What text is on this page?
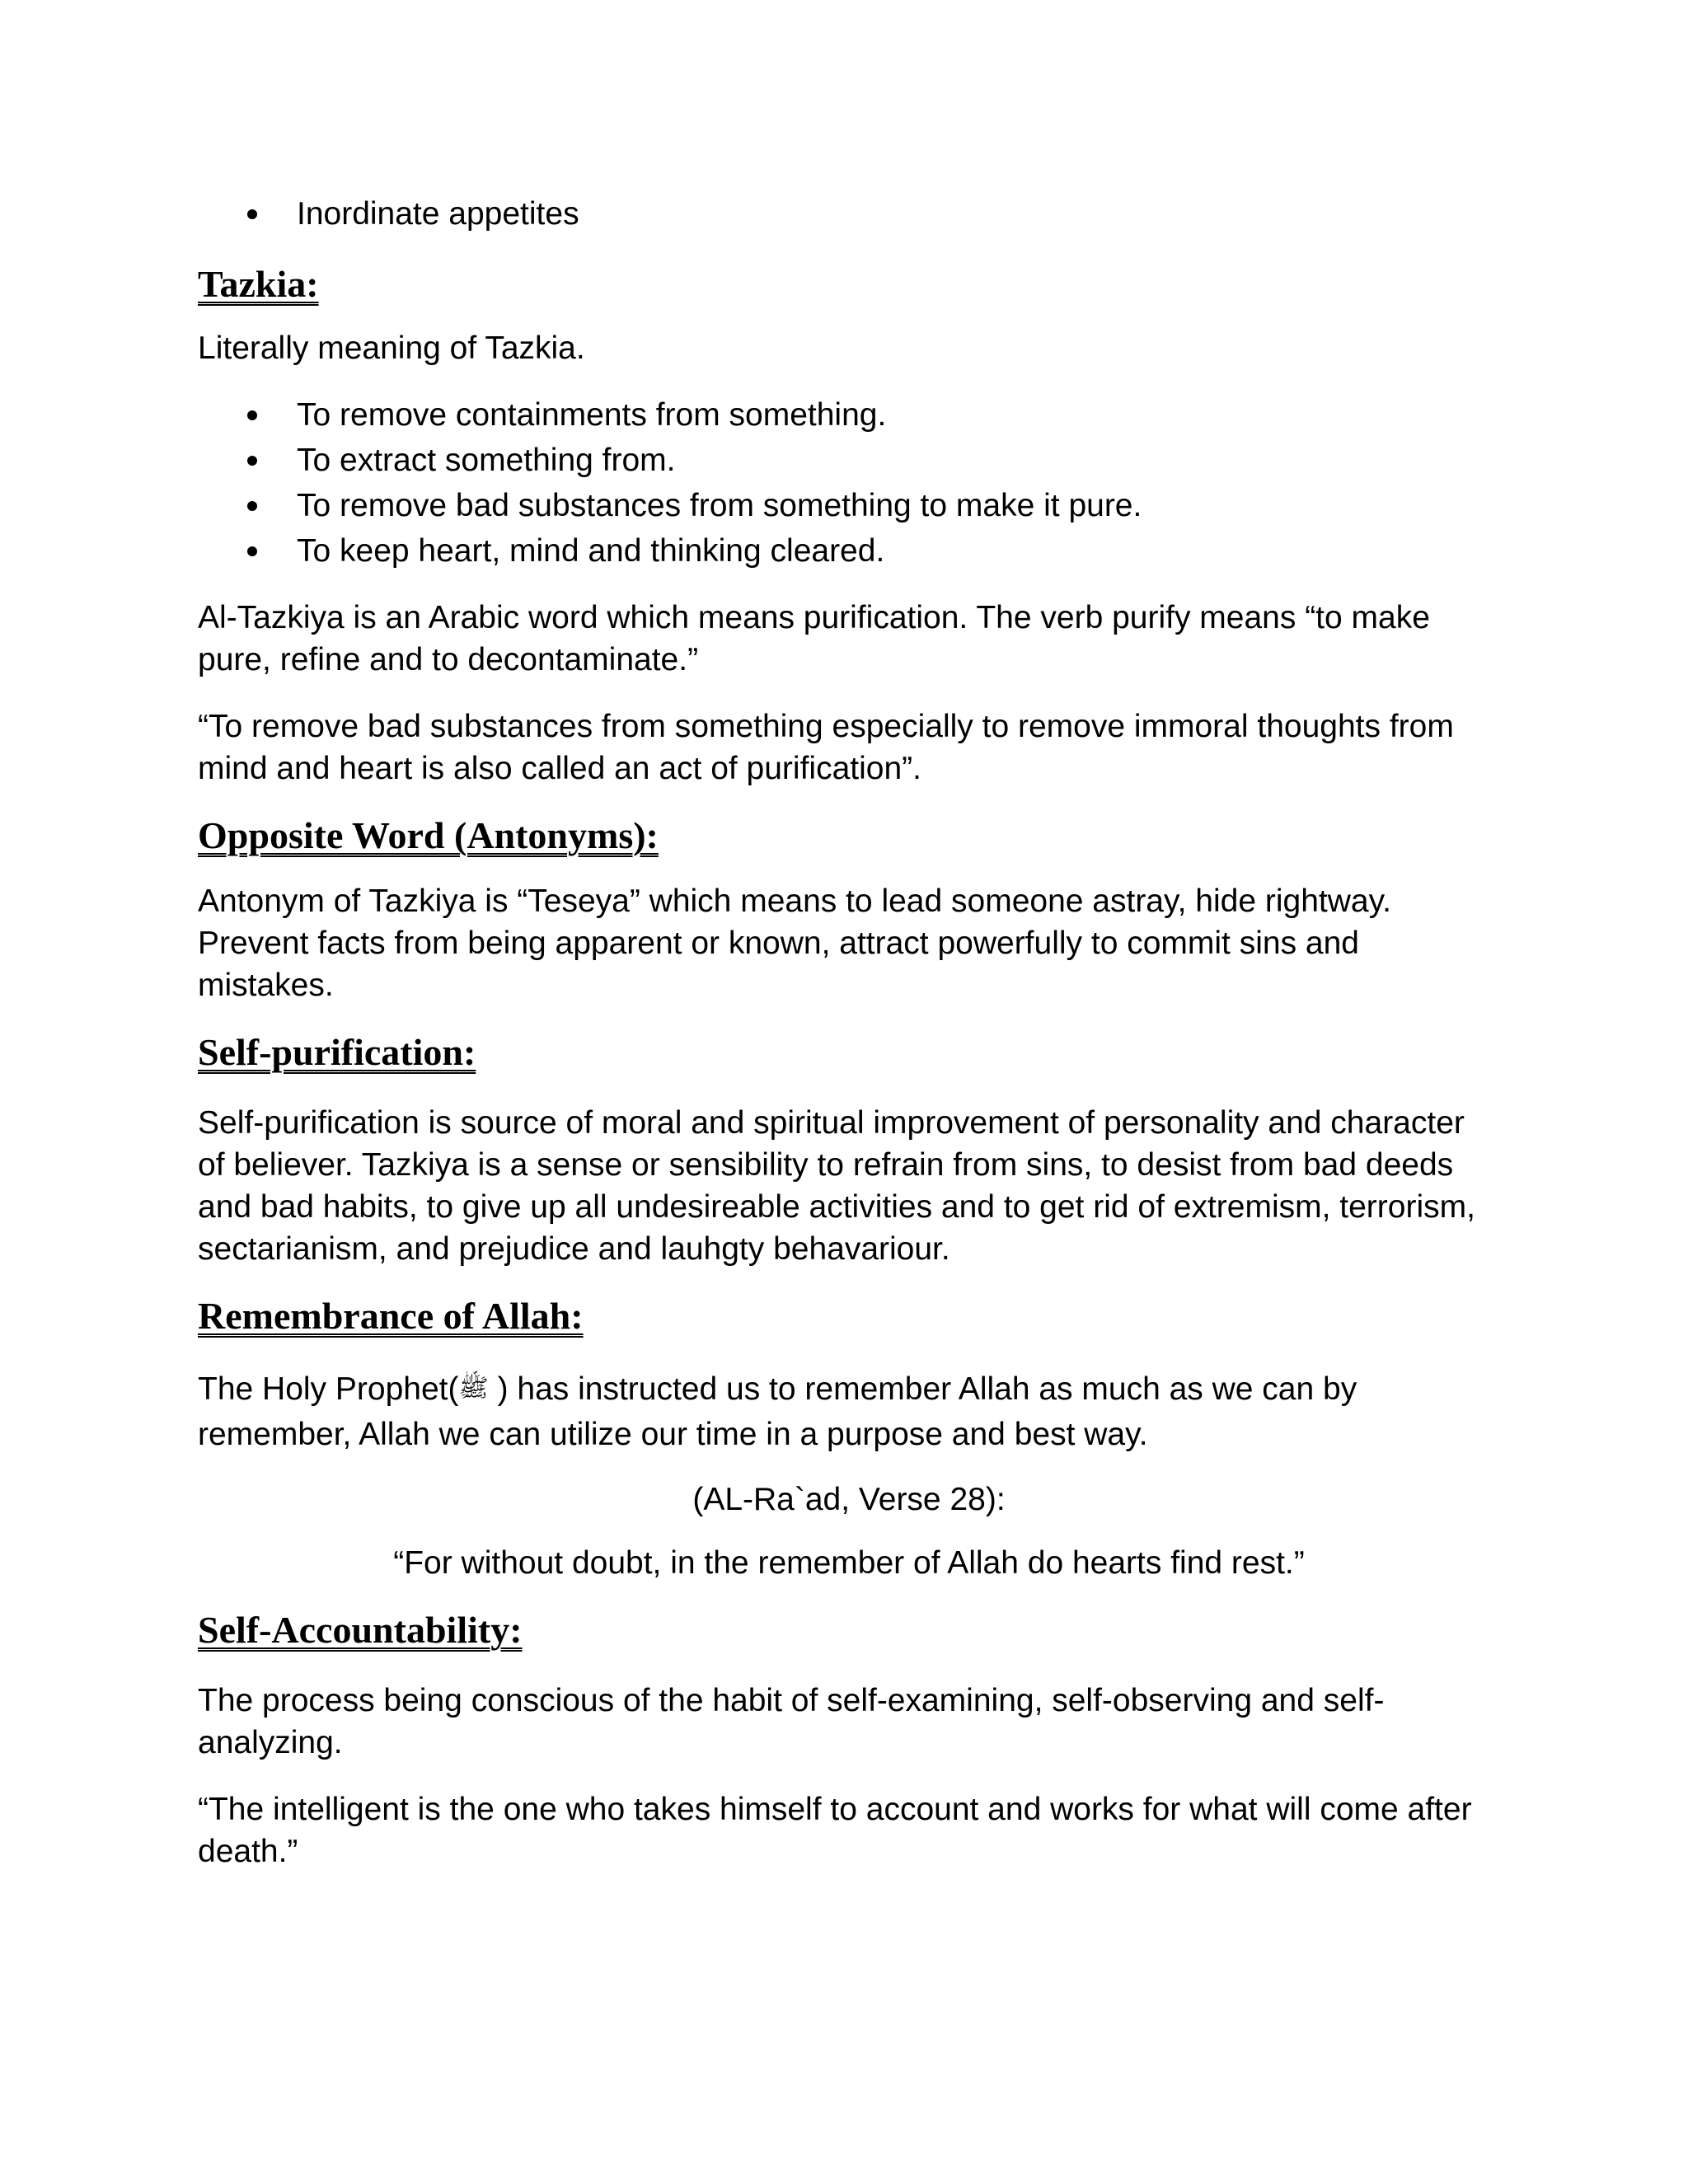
Inordinate appetites
Tazkia:

Literally meaning of Tazkia.

To remove containments from something.
To extract something from.
To remove bad substances from something to make it pure.
To keep heart, mind and thinking cleared.

Al-Tazkiya is an Arabic word which means purification. The verb purify means “to make pure, refine and to decontaminate.”

“To remove bad substances from something especially to remove immoral thoughts from mind and heart is also called an act of purification”.

Opposite Word (Antonyms):

Antonym of Tazkiya is “Teseya” which means to lead someone astray, hide rightway. Prevent facts from being apparent or known, attract powerfully to commit sins and mistakes.

Self-purification:

Self-purification is source of moral and spiritual improvement of personality and character of believer. Tazkiya is a sense or sensibility to refrain from sins, to desist from bad deeds and bad habits, to give up all undesireable activities and to get rid of extremism, terrorism, sectarianism, and prejudice and lauhgty behavariour.

Remembrance of Allah:

The Holy Prophet(ﷺ ) has instructed us to remember Allah as much as we can by remember, Allah we can utilize our time in a purpose and best way.

(AL-Ra`ad, Verse 28):

“For without doubt, in the remember of Allah do hearts find rest.”

Self-Accountability:

The process being conscious of the habit of self-examining, self-observing and self-analyzing.

“The intelligent is the one who takes himself to account and works for what will come after death.”
